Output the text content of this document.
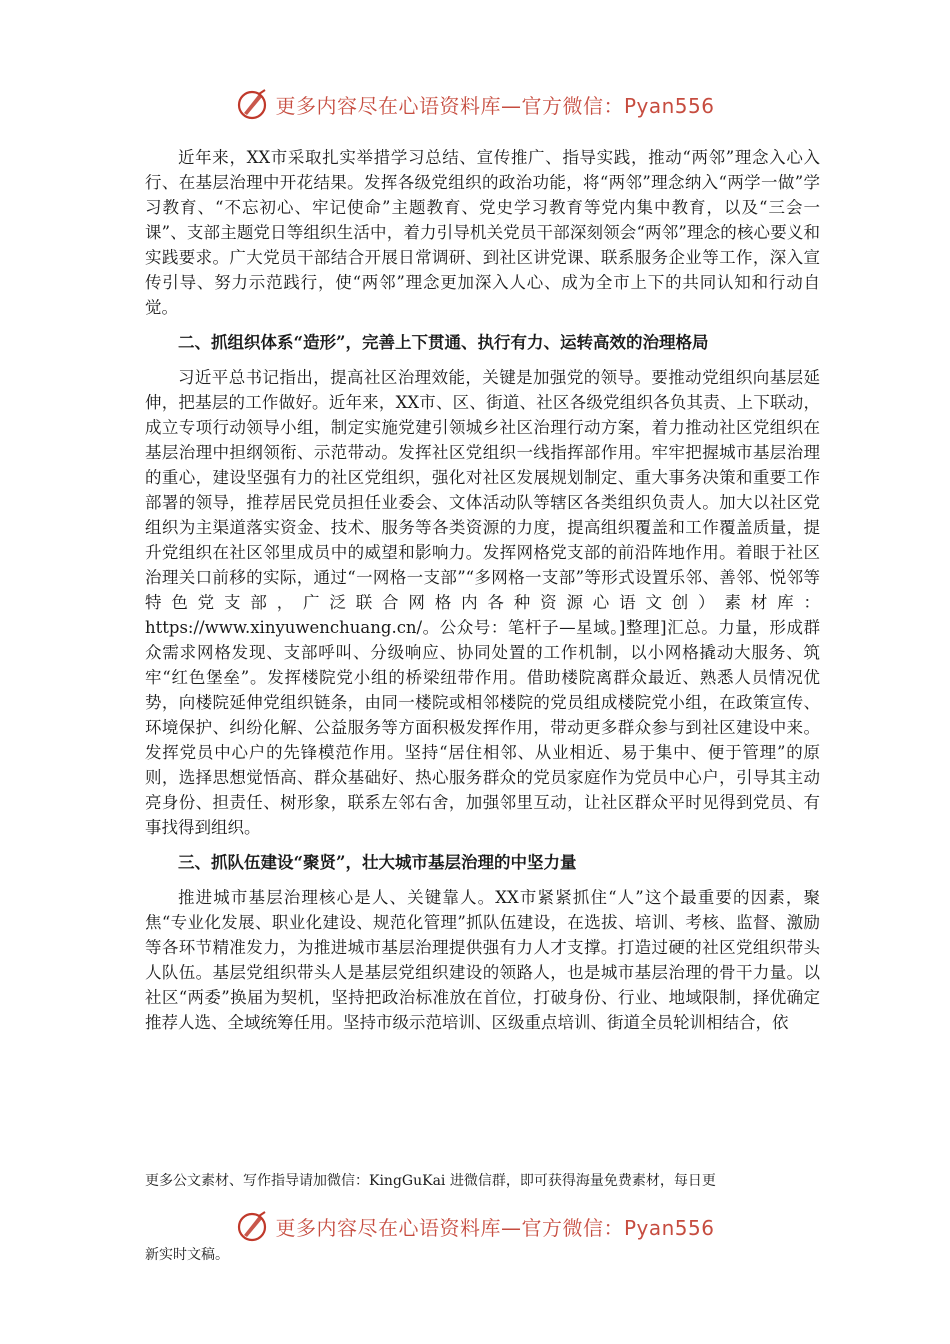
更多内容尽在心语资料库—官方微信：Pyan556

近年来，XX市采取扎实举措学习总结、宣传推广、指导实践，推动“两邻”理念入心入行、在基层治理中开花结果。发挥各级党组织的政治功能，将“两邻”理念纳入“两学一做”学习教育、“不忘初心、牢记使命”主题教育、党史学习教育等党内集中教育，以及“三会一课”、支部主题党日等组织生活中，着力引导机关党员干部深刻领会“两邻”理念的核心要义和实践要求。广大党员干部结合开展日常调研、到社区讲党课、联系服务企业等工作，深入宣传引导、努力示范践行，使“两邻”理念更加深入人心、成为全市上下的共同认知和行动自觉。

二、抓组织体系“造形”，完善上下贯通、执行有力、运转高效的治理格局

习近平总书记指出，提高社区治理效能，关键是加强党的领导。要推动党组织向基层延伸，把基层的工作做好。近年来，XX市、区、街道、社区各级党组织各负其责、上下联动，成立专项行动领导小组，制定实施党建引领城乡社区治理行动方案，着力推动社区党组织在基层治理中担纲领衔、示范带动。发挥社区党组织一线指挥部作用。牢牢把握城市基层治理的重心，建设坚强有力的社区党组织，强化对社区发展规划制定、重大事务决策和重要工作部署的领导，推荐居民党员担任业委会、文体活动队等辖区各类组织负责人。加大以社区党组织为主渠道落实资金、技术、服务等各类资源的力度，提高组织覆盖和工作覆盖质量，提升党组织在社区邻里成员中的威望和影响力。发挥网格党支部的前沿阵地作用。着眼于社区治理关口前移的实际，通过“一网格一支部”“多网格一支部”等形式设置乐邻、善邻、悦邻等特色党支部，广泛联合网格内各种资源心语文创）素材库：https://www.xinyuwenchuang.cn/。公众号：笔杆子—星域。]整理]汇总。力量，形成群众需求网格发现、支部呼叫、分级响应、协同处置的工作机制，以小网格撬动大服务、筑牢“红色堡垒”。发挥楼院党小组的桥梁纽带作用。借助楼院离群众最近、熟悉人员情况优势，向楼院延伸党组织链条，由同一楼院或相邻楼院的党员组成楼院党小组，在政策宣传、环境保护、纠纷化解、公益服务等方面积极发挥作用，带动更多群众参与到社区建设中来。发挥党员中心户的先锋模范作用。坚持“居住相邻、从业相近、易于集中、便于管理”的原则，选择思想觉悟高、群众基础好、热心服务群众的党员家庭作为党员中心户，引导其主动亮身份、担责任、树形象，联系左邻右舍，加强邻里互动，让社区群众平时见得到党员、有事找得到组织。

三、抓队伍建设“聚贤”，壮大城市基层治理的中坚力量

推进城市基层治理核心是人、关键靠人。XX市紧紧抓住“人”这个最重要的因素，聚焦“专业化发展、职业化建设、规范化管理”抓队伍建设，在选拔、培训、考核、监督、激励等各环节精准发力，为推进城市基层治理提供强有力人才支撑。打造过硬的社区党组织带头人队伍。基层党组织带头人是基层党组织建设的领路人，也是城市基层治理的骨干力量。以社区“两委”换届为契机，坚持把政治标准放在首位，打破身份、行业、地域限制，择优确定推荐人选、全域统筹任用。坚持市级示范培训、区级重点培训、街道全员轮训相结合，依

更多公文素材、写作指导请加微信：KingGuKai 进微信群，即可获得海量免费素材，每日更
更多内容尽在心语资料库—官方微信：Pyan556
新实时文稿。
